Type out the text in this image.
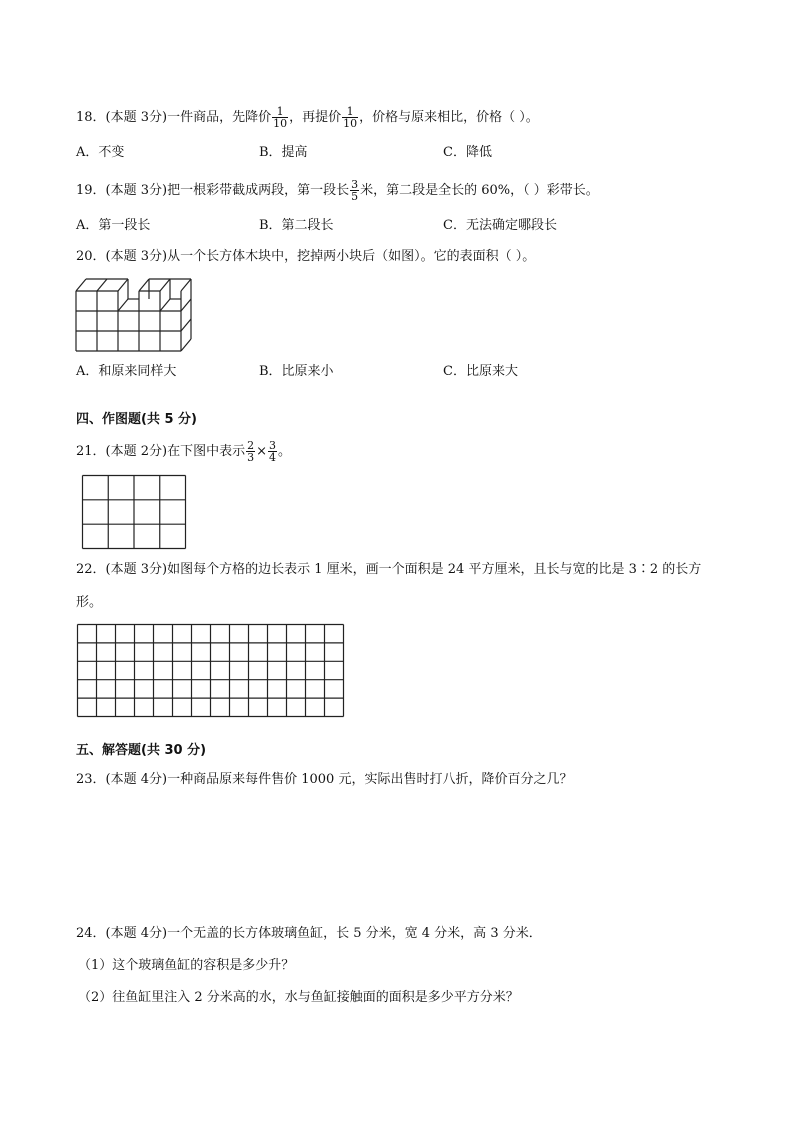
18．(本题 3分)一件商品，先降价 $\frac{1}{10}$ ，再提价 $\frac{1}{10}$ ，价格与原来相比，价格（ ）。
A．不变	B．提高	C．降低
19．(本题 3分)把一根彩带截成两段，第一段长 $\frac{3}{5}$ 米，第二段是全长的 60%，（ ）彩带长。
A．第一段长	B．第二段长	C．无法确定哪段长
20．(本题 3分)从一个长方体木块中，挖掉两小块后（如图）。它的表面积（ ）。
A．和原来同样大	B．比原来小	C．比原来大
四、作图题(共 5 分)
21．(本题 2分)在下图中表示 $\frac{2}{3} \times \frac{3}{4}$ 。
22．(本题 3分)如图每个方格的边长表示 1 厘米，画一个面积是 24 平方厘米，且长与宽的比是 3∶2 的长方
形。
五、解答题(共 30 分)
23．(本题 4分)一种商品原来每件售价 1000 元，实际出售时打八折，降价百分之几？
24．(本题 4分)一个无盖的长方体玻璃鱼缸，长 5 分米，宽 4 分米，高 3 分米．
（1）这个玻璃鱼缸的容积是多少升？
（2）往鱼缸里注入 2 分米高的水，水与鱼缸接触面的面积是多少平方分米？
